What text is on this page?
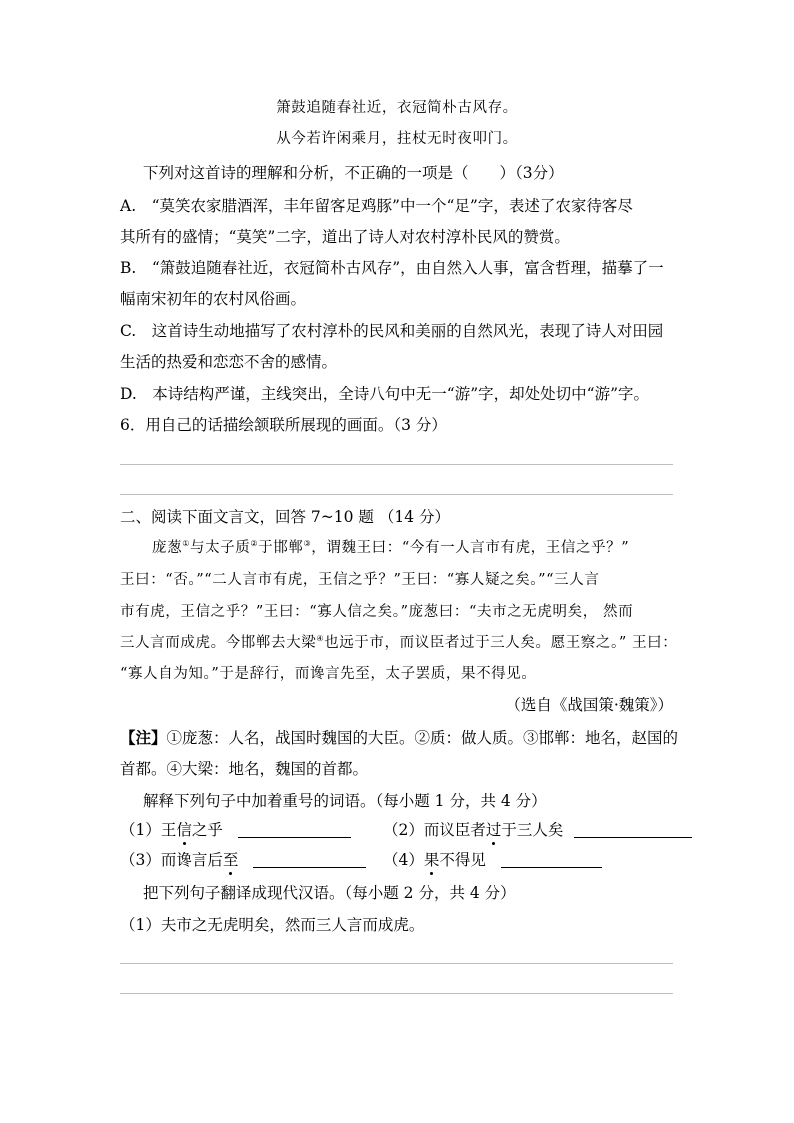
箫鼓追随春社近，衣冠简朴古风存。
从今若许闲乘月，拄杖无时夜叩门。
下列对这首诗的理解和分析，不正确的一项是（　　）（3分）
A.　“莫笑农家腊酒浑，丰年留客足鸡豚”中一个“足”字，表述了农家待客尽
其所有的盛情；“莫笑”二字，道出了诗人对农村淳朴民风的赞赏。
B.　“箫鼓追随春社近，衣冠简朴古风存”，由自然入人事，富含哲理，描摹了一
幅南宋初年的农村风俗画。
C.　这首诗生动地描写了农村淳朴的民风和美丽的自然风光，表现了诗人对田园
生活的热爱和恋恋不舍的感情。
D.　本诗结构严谨，主线突出，全诗八句中无一“游”字，却处处切中“游”字。
6．用自己的话描绘颔联所展现的画面。（3 分）
二、阅读下面文言文，回答 7~10 题 （14 分）
庞葱①与太子质②于邯郸③，谓魏王曰：“今有一人言市有虎，王信之乎？”
王曰：“否。”“二人言市有虎，王信之乎？”王曰：“寡人疑之矣。”“三人言
市有虎，王信之乎？”王曰：“寡人信之矣。”庞葱曰：“夫市之无虎明矣， 然而
三人言而成虎。今邯郸去大梁④也远于市，而议臣者过于三人矣。愿王察之。” 王曰：
“寡人自为知。”于是辞行，而谗言先至，太子罢质，果不得见。
（选自《战国策·魏策》）
【注】①庞葱：人名，战国时魏国的大臣。②质：做人质。③邯郸：地名，赵国的
首都。④大梁：地名，魏国的首都。
解释下列句子中加着重号的词语。（每小题 1 分，共 4 分）
（1）王信之乎	（2）而议臣者过于三人矣
（3）而谗言后至	（4）果不得见
把下列句子翻译成现代汉语。（每小题 2 分，共 4 分）
（1）夫市之无虎明矣，然而三人言而成虎。
